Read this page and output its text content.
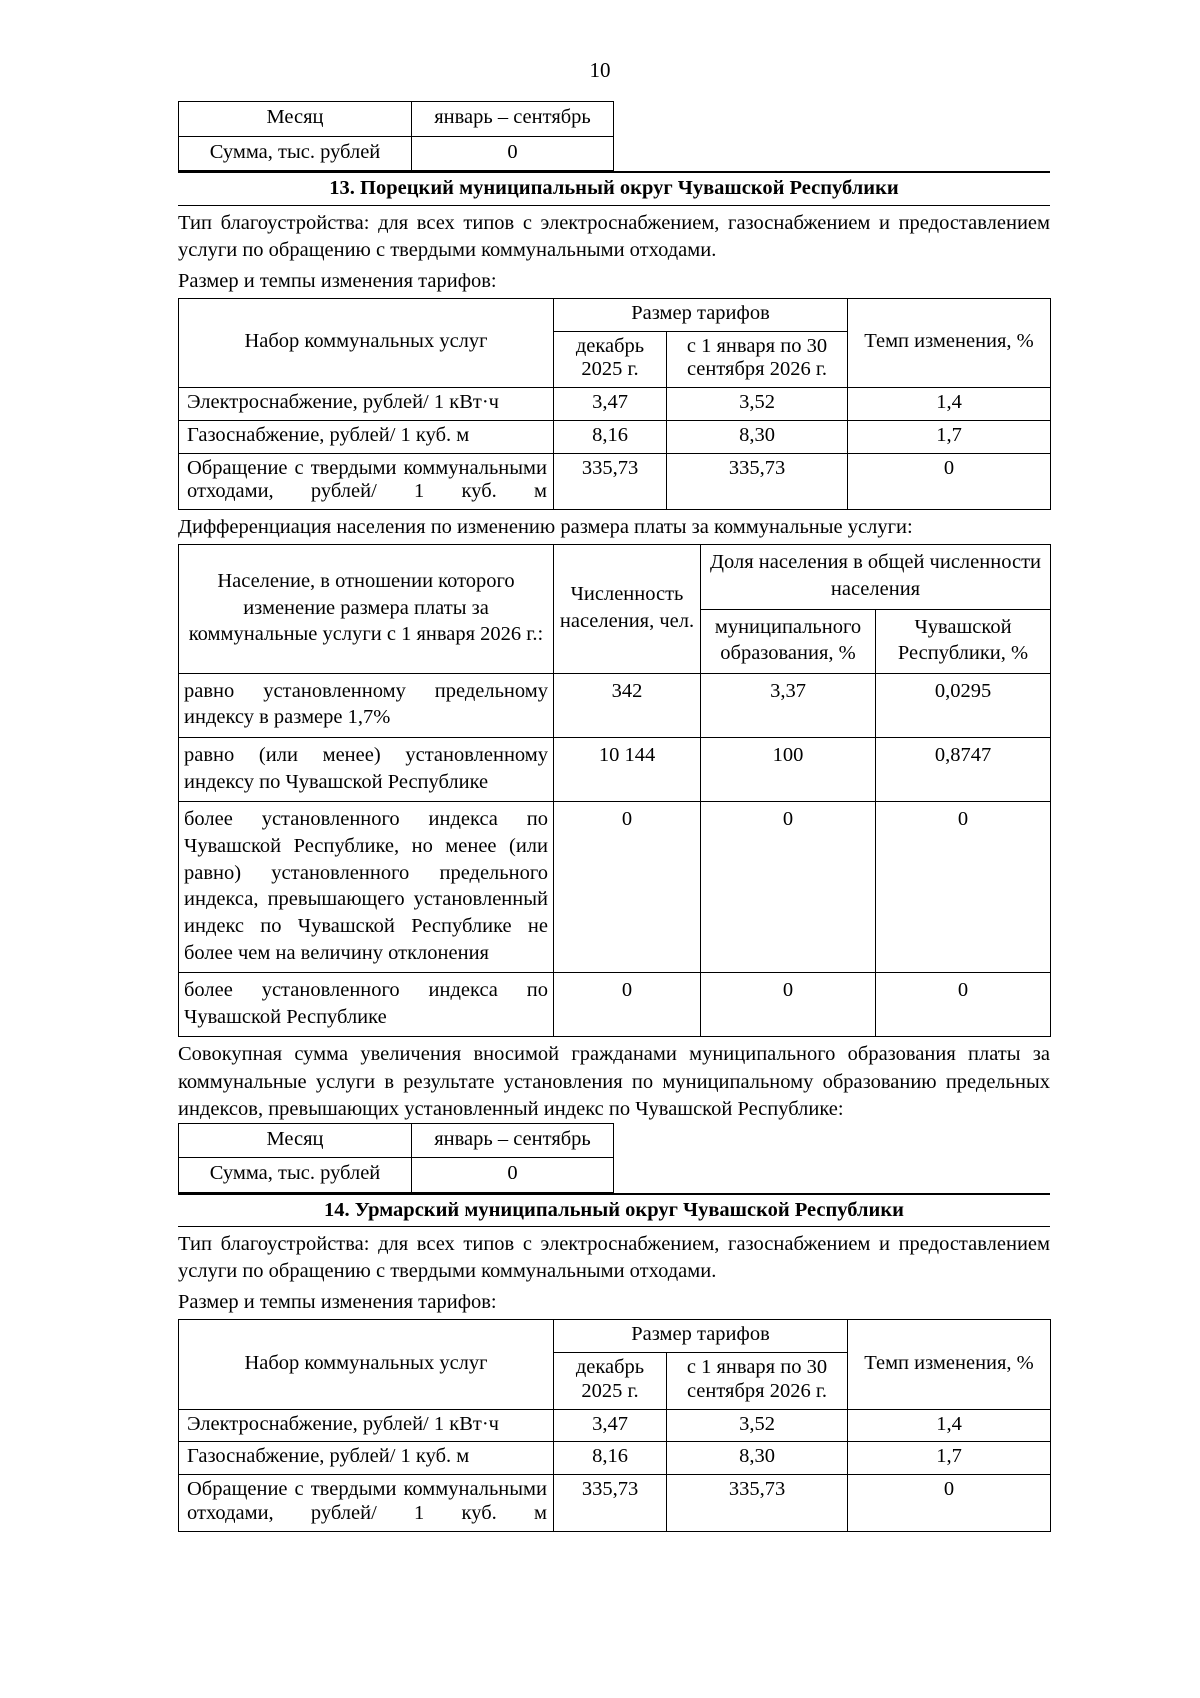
10
Месяц	январь – сентябрь
Сумма, тыс. рублей	0
13. Порецкий муниципальный округ Чувашской Республики

Тип благоустройства: для всех типов с электроснабжением, газоснабжением и предоставлением услуги по обращению с твердыми коммунальными отходами.

Размер и темпы изменения тарифов:

Набор коммунальных услуг	Размер тарифов		Темп изменения, %
	декабрь 2025 г.	с 1 января по 30 сентября 2026 г.	
Электроснабжение, рублей/ 1 кВт·ч	3,47	3,52	1,4
Газоснабжение, рублей/ 1 куб. м	8,16	8,30	1,7
Обращение с твердыми коммунальными отходами, рублей/ 1 куб. м	335,73	335,73	0

Дифференциация населения по изменению размера платы за коммунальные услуги:

Население, в отношении которого изменение размера платы за коммунальные услуги с 1 января 2026 г.:	Численность населения, чел.	Доля населения в общей численности населения	
		муниципального образования, %	Чувашской Республики, %
равно установленному предельному индексу в размере 1,7%	342	3,37	0,0295
равно (или менее) установленному индексу по Чувашской Республике	10 144	100	0,8747
более установленного индекса по Чувашской Республике, но менее (или равно) установленного предельного индекса, превышающего установленный индекс по Чувашской Республике не более чем на величину отклонения	0	0	0
более установленного индекса по Чувашской Республике	0	0	0

Совокупная сумма увеличения вносимой гражданами муниципального образования платы за коммунальные услуги в результате установления по муниципальному образованию предельных индексов, превышающих установленный индекс по Чувашской Республике:

Месяц	январь – сентябрь
Сумма, тыс. рублей	0
14. Урмарский муниципальный округ Чувашской Республики

Тип благоустройства: для всех типов с электроснабжением, газоснабжением и предоставлением услуги по обращению с твердыми коммунальными отходами.

Размер и темпы изменения тарифов:

Набор коммунальных услуг	Размер тарифов		Темп изменения, %
	декабрь 2025 г.	с 1 января по 30 сентября 2026 г.	
Электроснабжение, рублей/ 1 кВт·ч	3,47	3,52	1,4
Газоснабжение, рублей/ 1 куб. м	8,16	8,30	1,7
Обращение с твердыми коммунальными отходами, рублей/ 1 куб. м	335,73	335,73	0
